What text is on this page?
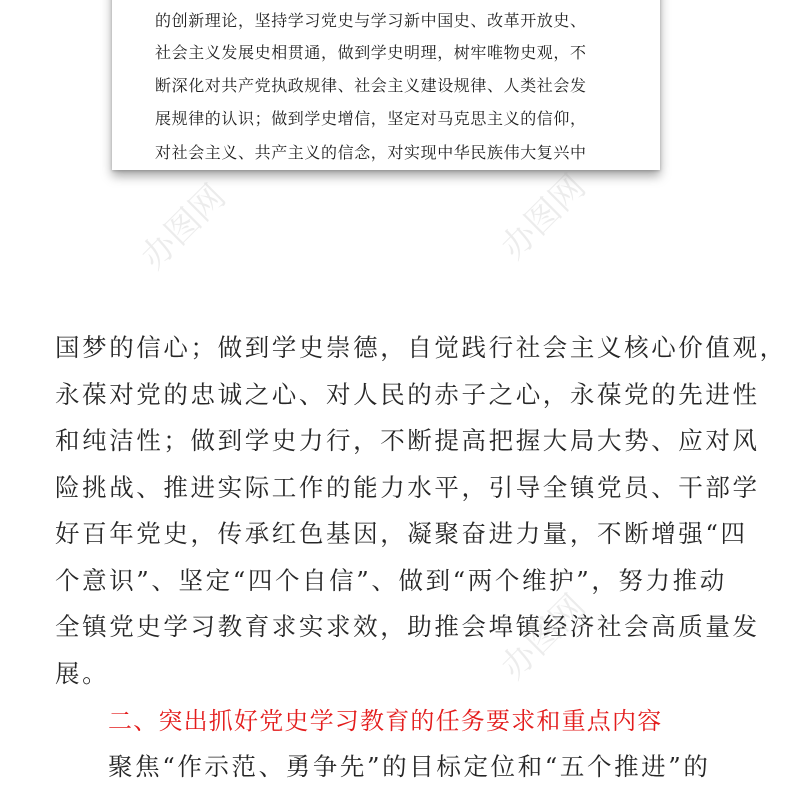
的创新理论，坚持学习党史与学习新中国史、改革开放史、
社会主义发展史相贯通，做到学史明理，树牢唯物史观，不
断深化对共产党执政规律、社会主义建设规律、人类社会发
展规律的认识；做到学史增信，坚定对马克思主义的信仰，
对社会主义、共产主义的信念，对实现中华民族伟大复兴中
办图网	办图网
办图网
国梦的信心；做到学史崇德，自觉践行社会主义核心价值观，
永葆对党的忠诚之心、对人民的赤子之心，永葆党的先进性
和纯洁性；做到学史力行，不断提高把握大局大势、应对风
险挑战、推进实际工作的能力水平，引导全镇党员、干部学
好百年党史，传承红色基因，凝聚奋进力量，不断增强“四
个意识”、坚定“四个自信”、做到“两个维护”，努力推动
全镇党史学习教育求实求效，助推会埠镇经济社会高质量发
展。
二、突出抓好党史学习教育的任务要求和重点内容
聚焦“作示范、勇争先”的目标定位和“五个推进”的
